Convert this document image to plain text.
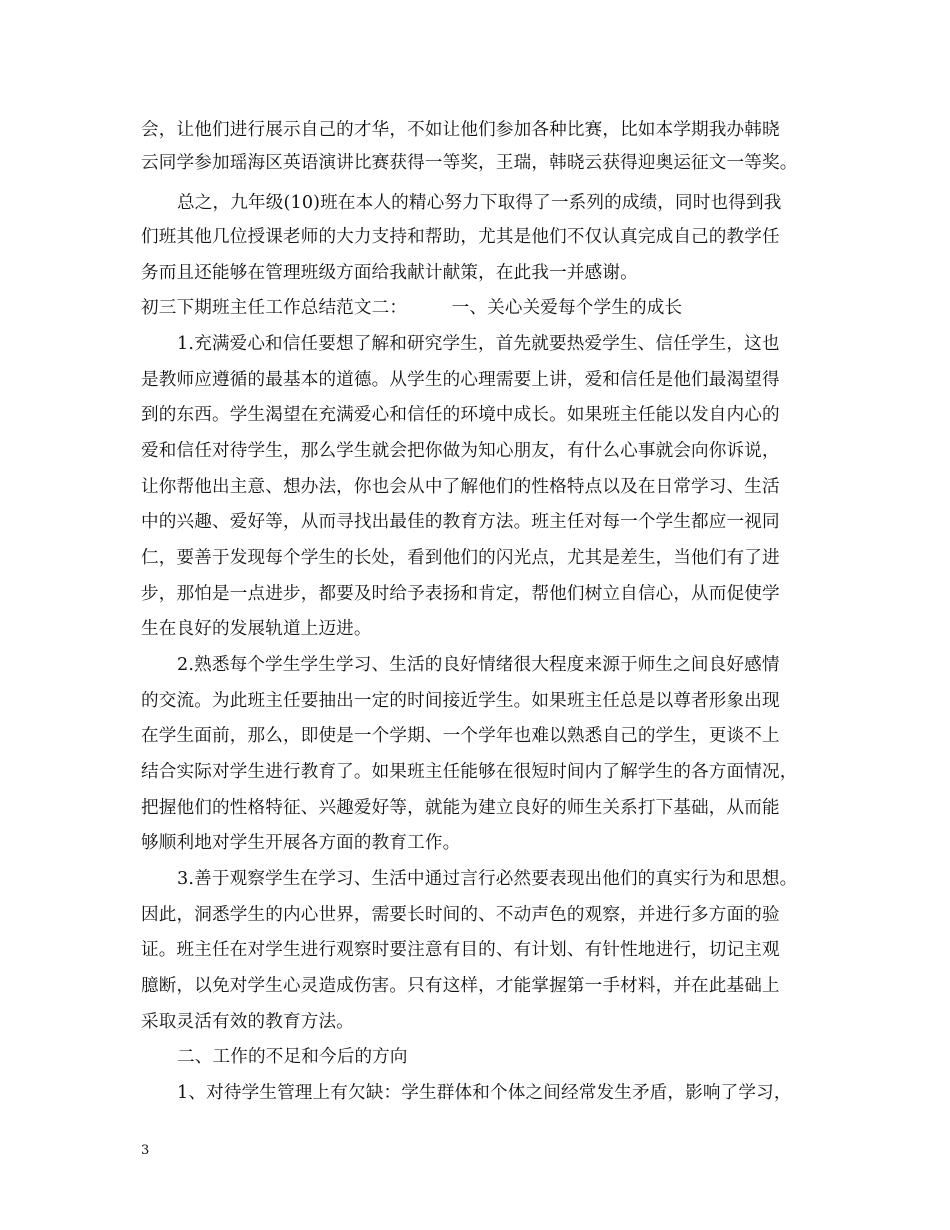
会，让他们进行展示自己的才华，不如让他们参加各种比赛，比如本学期我办韩晓
云同学参加瑶海区英语演讲比赛获得一等奖，王瑞，韩晓云获得迎奥运征文一等奖。
总之，九年级(10)班在本人的精心努力下取得了一系列的成绩，同时也得到我
们班其他几位授课老师的大力支持和帮助，尤其是他们不仅认真完成自己的教学任
务而且还能够在管理班级方面给我献计献策，在此我一并感谢。
初三下期班主任工作总结范文二：　　　一、关心关爱每个学生的成长
1.充满爱心和信任要想了解和研究学生，首先就要热爱学生、信任学生，这也
是教师应遵循的最基本的道德。从学生的心理需要上讲，爱和信任是他们最渴望得
到的东西。学生渴望在充满爱心和信任的环境中成长。如果班主任能以发自内心的
爱和信任对待学生，那么学生就会把你做为知心朋友，有什么心事就会向你诉说，
让你帮他出主意、想办法，你也会从中了解他们的性格特点以及在日常学习、生活
中的兴趣、爱好等，从而寻找出最佳的教育方法。班主任对每一个学生都应一视同
仁，要善于发现每个学生的长处，看到他们的闪光点，尤其是差生，当他们有了进
步，那怕是一点进步，都要及时给予表扬和肯定，帮他们树立自信心，从而促使学
生在良好的发展轨道上迈进。
2.熟悉每个学生学生学习、生活的良好情绪很大程度来源于师生之间良好感情
的交流。为此班主任要抽出一定的时间接近学生。如果班主任总是以尊者形象出现
在学生面前，那么，即使是一个学期、一个学年也难以熟悉自己的学生，更谈不上
结合实际对学生进行教育了。如果班主任能够在很短时间内了解学生的各方面情况，
把握他们的性格特征、兴趣爱好等，就能为建立良好的师生关系打下基础，从而能
够顺利地对学生开展各方面的教育工作。
3.善于观察学生在学习、生活中通过言行必然要表现出他们的真实行为和思想。
因此，洞悉学生的内心世界，需要长时间的、不动声色的观察，并进行多方面的验
证。班主任在对学生进行观察时要注意有目的、有计划、有针性地进行，切记主观
臆断，以免对学生心灵造成伤害。只有这样，才能掌握第一手材料，并在此基础上
采取灵活有效的教育方法。
二、工作的不足和今后的方向
1、对待学生管理上有欠缺：学生群体和个体之间经常发生矛盾，影响了学习，
3
